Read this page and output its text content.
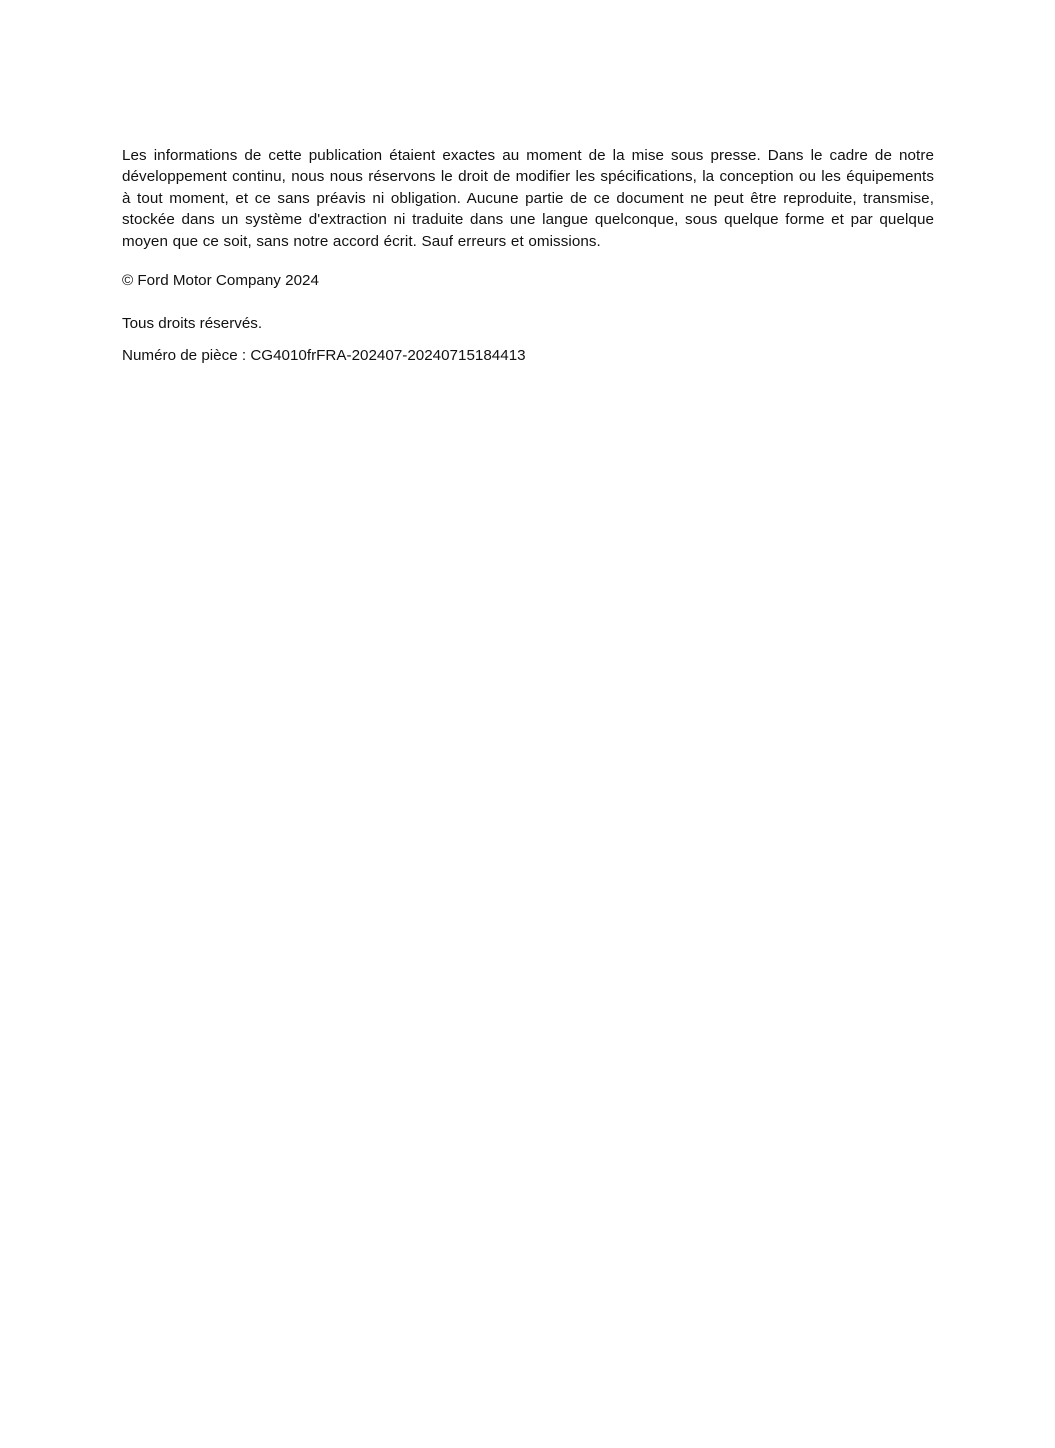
Les informations de cette publication étaient exactes au moment de la mise sous presse. Dans le cadre de notre développement continu, nous nous réservons le droit de modifier les spécifications, la conception ou les équipements à tout moment, et ce sans préavis ni obligation. Aucune partie de ce document ne peut être reproduite, transmise, stockée dans un système d'extraction ni traduite dans une langue quelconque, sous quelque forme et par quelque moyen que ce soit, sans notre accord écrit. Sauf erreurs et omissions.

© Ford Motor Company 2024

Tous droits réservés.

Numéro de pièce : CG4010frFRA-202407-20240715184413
